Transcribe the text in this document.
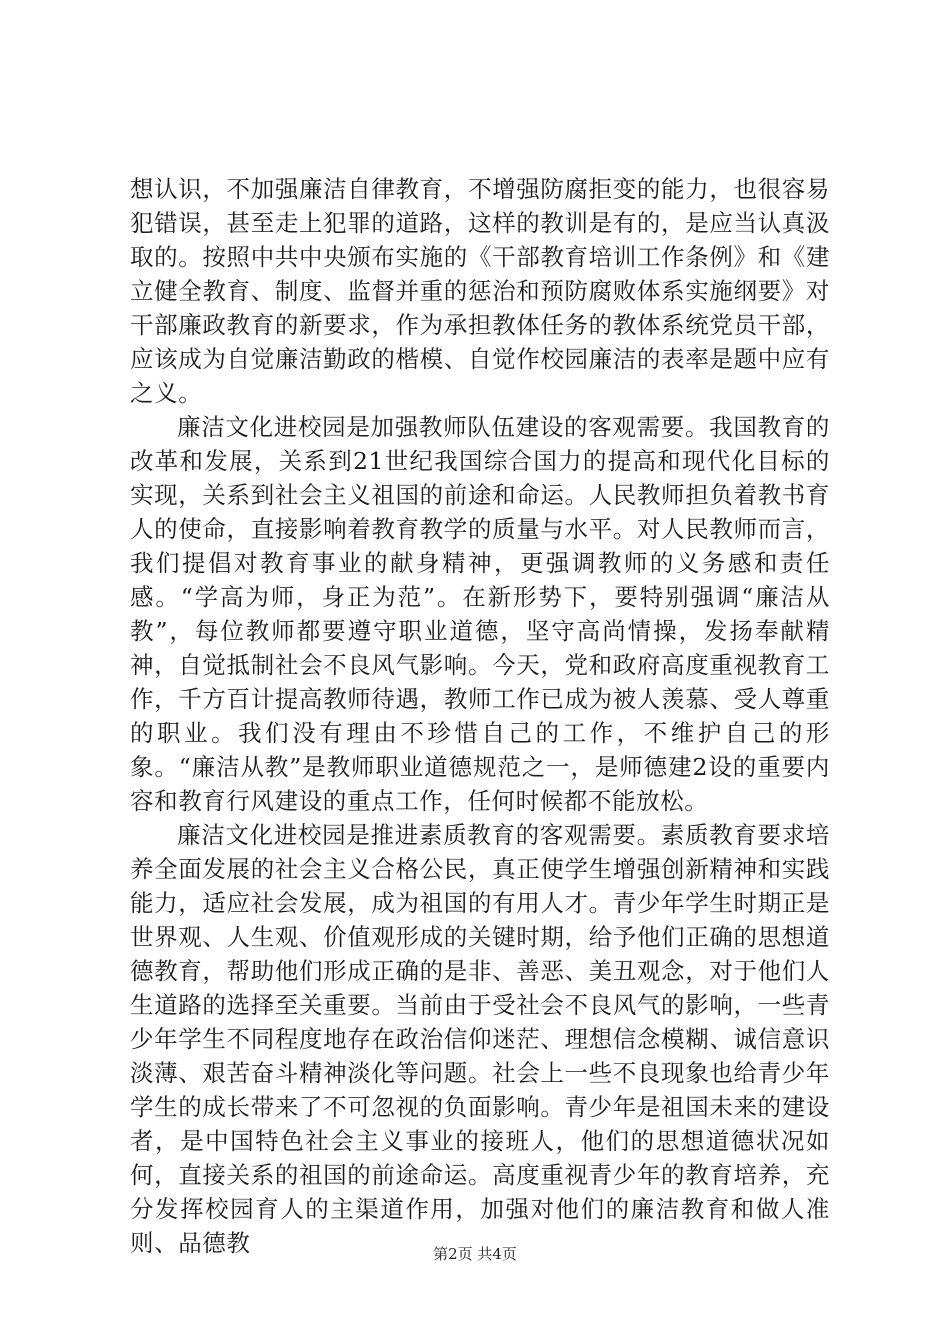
想认识，不加强廉洁自律教育，不增强防腐拒变的能力，也很容易犯错误，甚至走上犯罪的道路，这样的教训是有的，是应当认真汲取的。按照中共中央颁布实施的《干部教育培训工作条例》和《建立健全教育、制度、监督并重的惩治和预防腐败体系实施纲要》对干部廉政教育的新要求，作为承担教体任务的教体系统党员干部，应该成为自觉廉洁勤政的楷模、自觉作校园廉洁的表率是题中应有之义。

廉洁文化进校园是加强教师队伍建设的客观需要。我国教育的改革和发展，关系到21世纪我国综合国力的提高和现代化目标的实现，关系到社会主义祖国的前途和命运。人民教师担负着教书育人的使命，直接影响着教育教学的质量与水平。对人民教师而言，我们提倡对教育事业的献身精神，更强调教师的义务感和责任感。“学高为师，身正为范”。在新形势下，要特别强调“廉洁从教”，每位教师都要遵守职业道德，坚守高尚情操，发扬奉献精神，自觉抵制社会不良风气影响。今天，党和政府高度重视教育工作，千方百计提高教师待遇，教师工作已成为被人羡慕、受人尊重的职业。我们没有理由不珍惜自己的工作，不维护自己的形象。“廉洁从教”是教师职业道德规范之一，是师德建2设的重要内容和教育行风建设的重点工作，任何时候都不能放松。

廉洁文化进校园是推进素质教育的客观需要。素质教育要求培养全面发展的社会主义合格公民，真正使学生增强创新精神和实践能力，适应社会发展，成为祖国的有用人才。青少年学生时期正是世界观、人生观、价值观形成的关键时期，给予他们正确的思想道德教育，帮助他们形成正确的是非、善恶、美丑观念，对于他们人生道路的选择至关重要。当前由于受社会不良风气的影响，一些青少年学生不同程度地存在政治信仰迷茫、理想信念模糊、诚信意识淡薄、艰苦奋斗精神淡化等问题。社会上一些不良现象也给青少年学生的成长带来了不可忽视的负面影响。青少年是祖国未来的建设者，是中国特色社会主义事业的接班人，他们的思想道德状况如何，直接关系的祖国的前途命运。高度重视青少年的教育培养，充分发挥校园育人的主渠道作用，加强对他们的廉洁教育和做人准则、品德教	第2页 共4页
